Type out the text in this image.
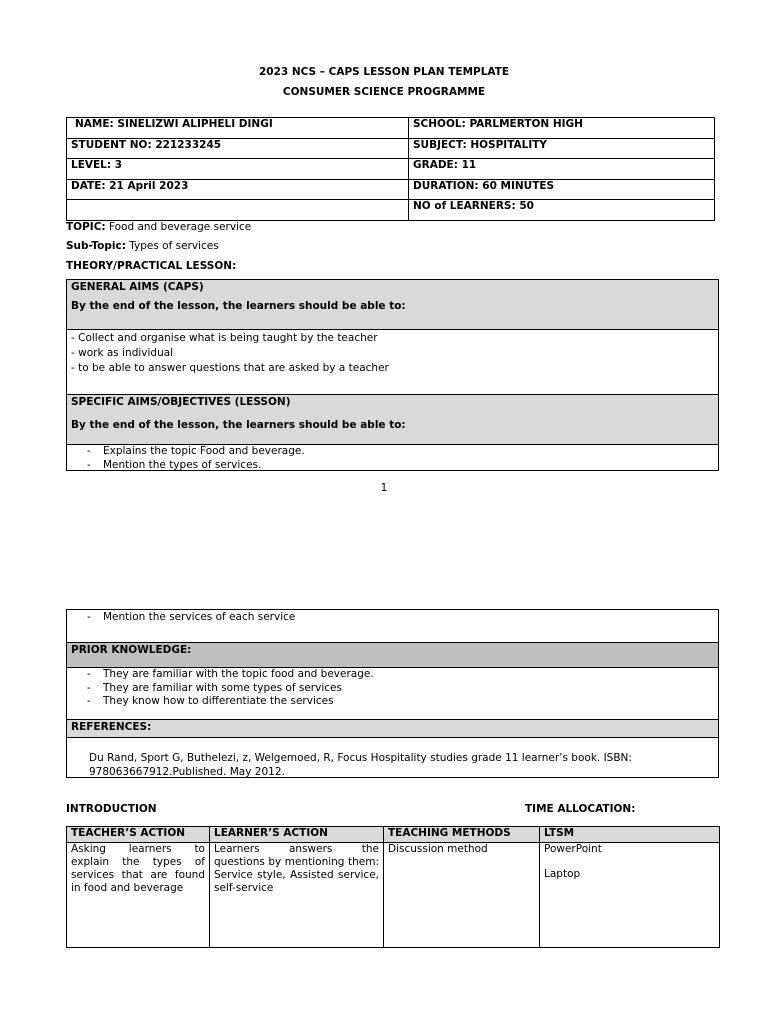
2023 NCS – CAPS LESSON PLAN TEMPLATE
CONSUMER SCIENCE PROGRAMME
NAME: SINELIZWI ALIPHELI DINGI	SCHOOL: PARLMERTON HIGH
STUDENT NO: 221233245	SUBJECT: HOSPITALITY
LEVEL: 3	GRADE: 11
DATE: 21 April 2023	DURATION: 60 MINUTES
	NO of LEARNERS: 50
TOPIC: Food and beverage service
Sub-Topic: Types of services
THEORY/PRACTICAL LESSON:
GENERAL AIMS (CAPS)
By the end of the lesson, the learners should be able to:
- Collect and organise what is being taught by the teacher
- work as individual
- to be able to answer questions that are asked by a teacher
SPECIFIC AIMS/OBJECTIVES (LESSON)
By the end of the lesson, the learners should be able to:
- Explains the topic Food and beverage.
- Mention the types of services.
1
- Mention the services of each service
PRIOR KNOWLEDGE:
- They are familiar with the topic food and beverage.
- They are familiar with some types of services
- They know how to differentiate the services
REFERENCES:
Du Rand, Sport G, Buthelezi, z, Welgemoed, R, Focus Hospitality studies grade 11 learner’s book. ISBN:
978063667912.Published. May 2012.
INTRODUCTION	TIME ALLOCATION:
TEACHER’S ACTION	LEARNER’S ACTION	TEACHING METHODS	LTSM
Asking learners to explain the types of services that are found in food and beverage	Learners answers the questions by mentioning them: Service style, Assisted service, self-service	Discussion method	PowerPoint
Laptop
